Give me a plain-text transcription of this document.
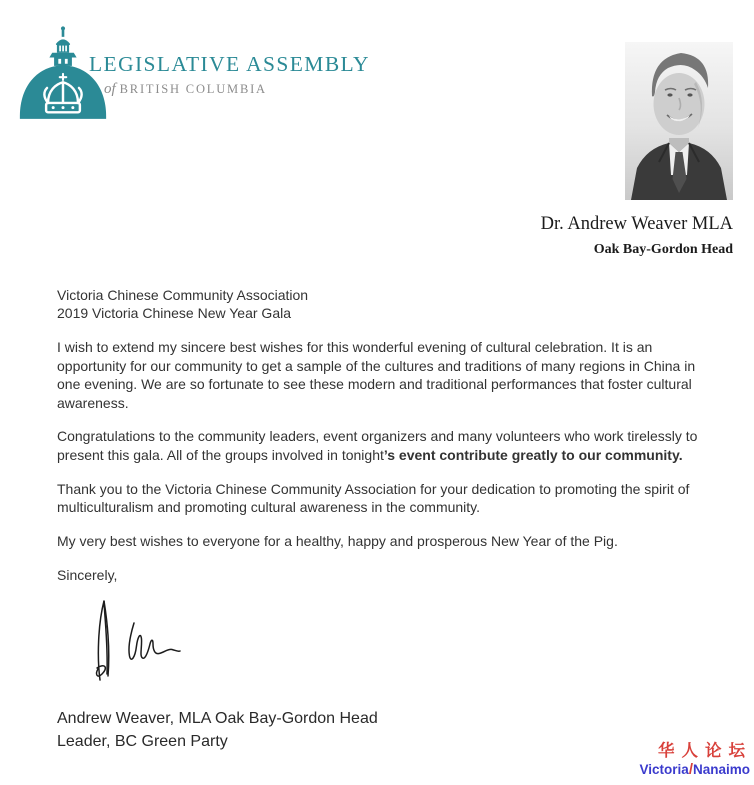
LEGISLATIVE ASSEMBLY
of BRITISH COLUMBIA
Dr. Andrew Weaver MLA
Oak Bay-Gordon Head

Victoria Chinese Community Association
2019 Victoria Chinese New Year Gala

I wish to extend my sincere best wishes for this wonderful evening of cultural celebration. It is an
opportunity for our community to get a sample of the cultures and traditions of many regions in China in
one evening. We are so fortunate to see these modern and traditional performances that foster cultural
awareness.

Congratulations to the community leaders, event organizers and many volunteers who work tirelessly to
present this gala. All of the groups involved in tonight’s event contribute greatly to our community.

Thank you to the Victoria Chinese Community Association for your dedication to promoting the spirit of
multiculturalism and promoting cultural awareness in the community.

My very best wishes to everyone for a healthy, happy and prosperous New Year of the Pig.

Sincerely,

Andrew Weaver, MLA Oak Bay-Gordon Head
Leader, BC Green Party	华人论坛
Victoria/Nanaimo
